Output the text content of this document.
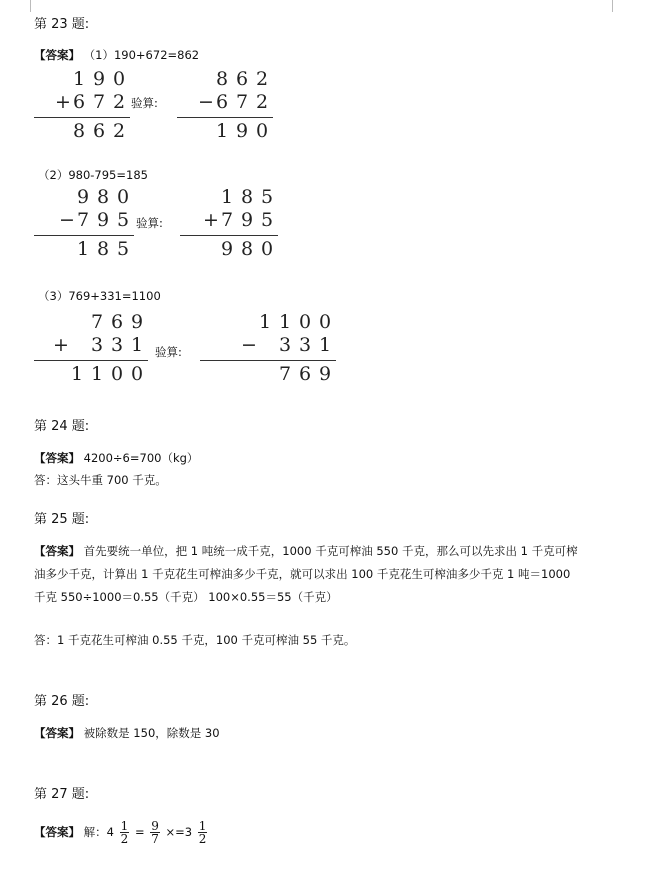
第 23 题:
【答案】 （1）190+672=862
1 9 0
6 7 2
+
8 6 2
验算:
8 6 2
6 7 2
−
1 9 0
（2）980-795=185
9 8 0
7 9 5
−
1 8 5
验算:
1 8 5
7 9 5
+
9 8 0
（3）769+331=1100
7 6 9
3 3 1
+
1 1 0 0
验算:
1 1 0 0
3 3 1
−
7 6 9
第 24 题:
【答案】 4200÷6=700（kg）
答：这头牛重 700 千克。
第 25 题:
【答案】 首先要统一单位，把 1 吨统一成千克，1000 千克可榨油 550 千克，那么可以先求出 1 千克可榨
油多少千克，计算出 1 千克花生可榨油多少千克，就可以求出 100 千克花生可榨油多少千克 1 吨＝1000
千克 550÷1000＝0.55（千克） 100×0.55＝55（千克）
答：1 千克花生可榨油 0.55 千克，100 千克可榨油 55 千克。
第 26 题:
【答案】 被除数是 150，除数是 30
第 27 题:
【答案】 解：$4 \frac{1}{2} = \frac{9}{7} \times=3 \frac{1}{2}$
